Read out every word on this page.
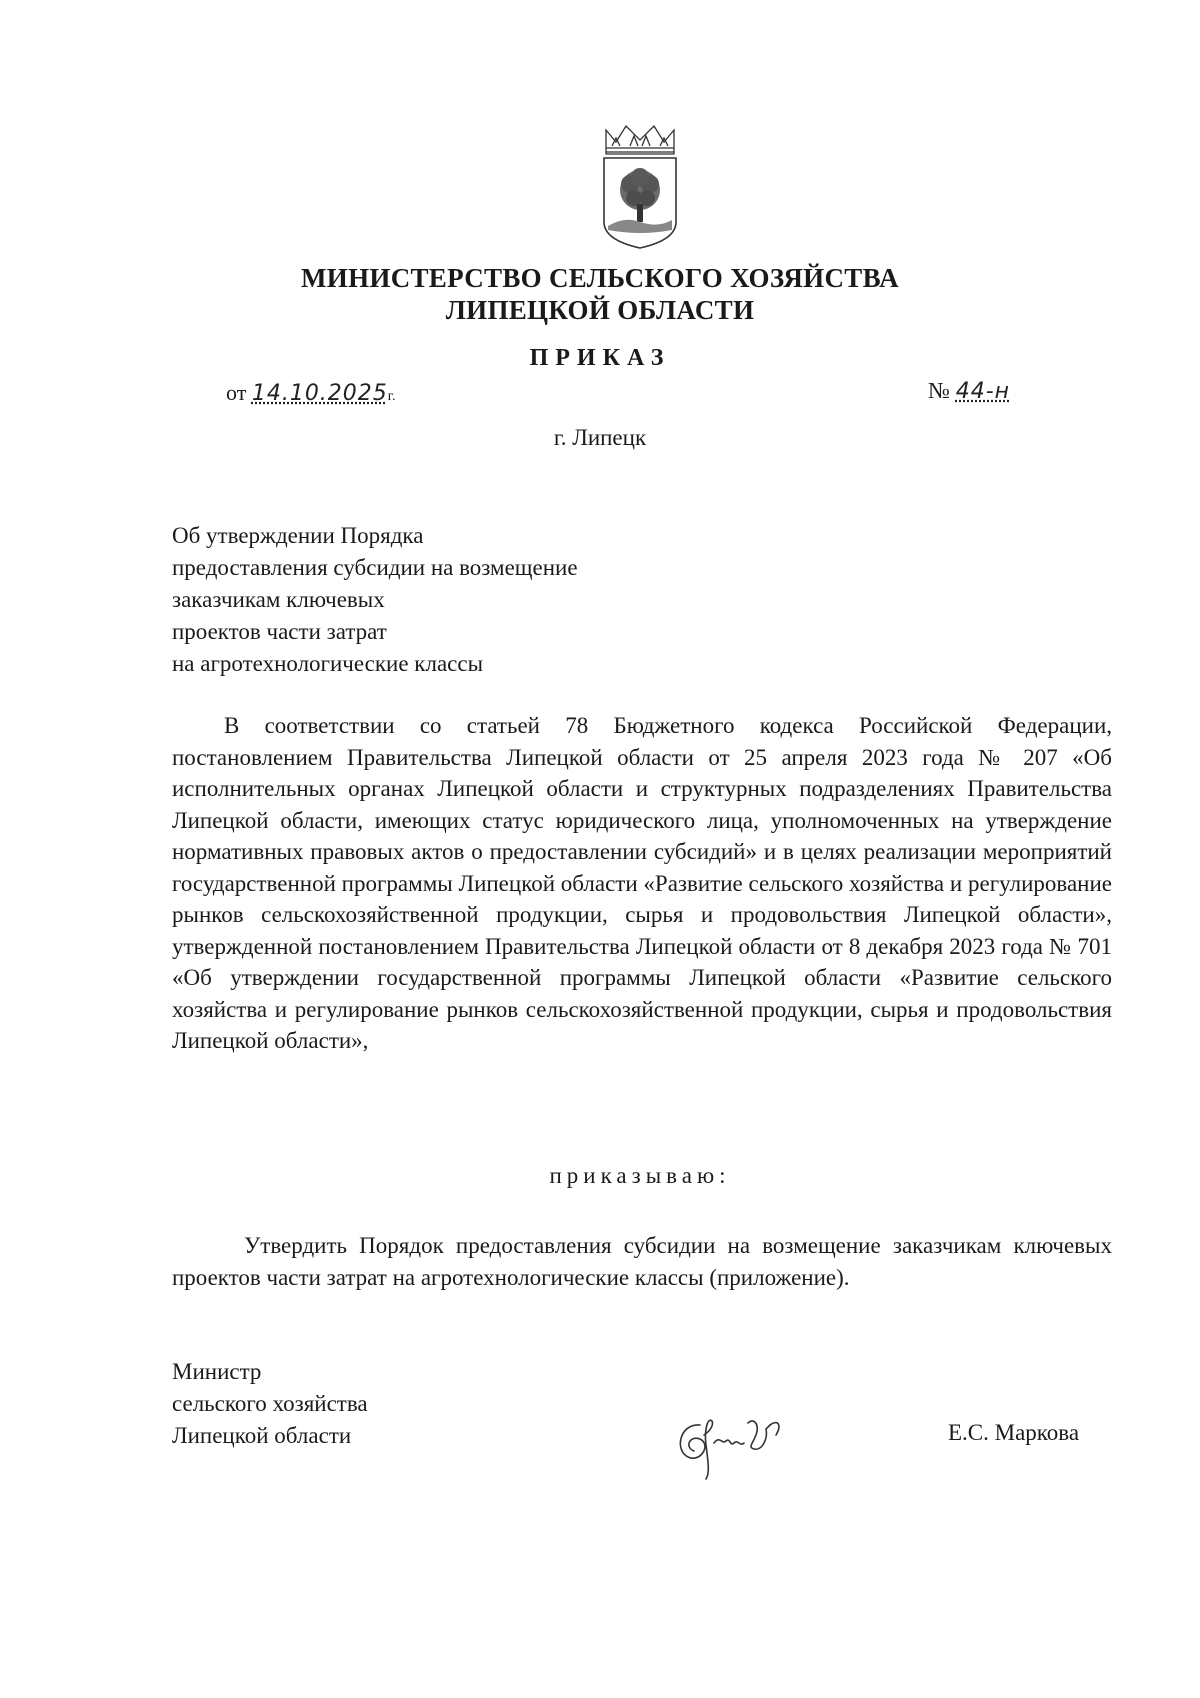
МИНИСТЕРСТВО СЕЛЬСКОГО ХОЗЯЙСТВА
ЛИПЕЦКОЙ ОБЛАСТИ
ПРИКАЗ
от 14.10.2025г.	№ 44-н
г. Липецк
Об утверждении Порядка
предоставления субсидии на возмещение
заказчикам ключевых
проектов части затрат
на агротехнологические классы

В соответствии со статьей 78 Бюджетного кодекса Российской Федерации, постановлением Правительства Липецкой области от 25 апреля 2023 года № 207 «Об исполнительных органах Липецкой области и структурных подразделениях Правительства Липецкой области, имеющих статус юридического лица, уполномоченных на утверждение нормативных правовых актов о предоставлении субсидий» и в целях реализации мероприятий государственной программы Липецкой области «Развитие сельского хозяйства и регулирование рынков сельскохозяйственной продукции, сырья и продовольствия Липецкой области», утвержденной постановлением Правительства Липецкой области от 8 декабря 2023 года № 701 «Об утверждении государственной программы Липецкой области «Развитие сельского хозяйства и регулирование рынков сельскохозяйственной продукции, сырья и продовольствия Липецкой области»,

приказываю:

Утвердить Порядок предоставления субсидии на возмещение заказчикам ключевых проектов части затрат на агротехнологические классы (приложение).

Министр
сельского хозяйства
Липецкой области	Е.С. Маркова
